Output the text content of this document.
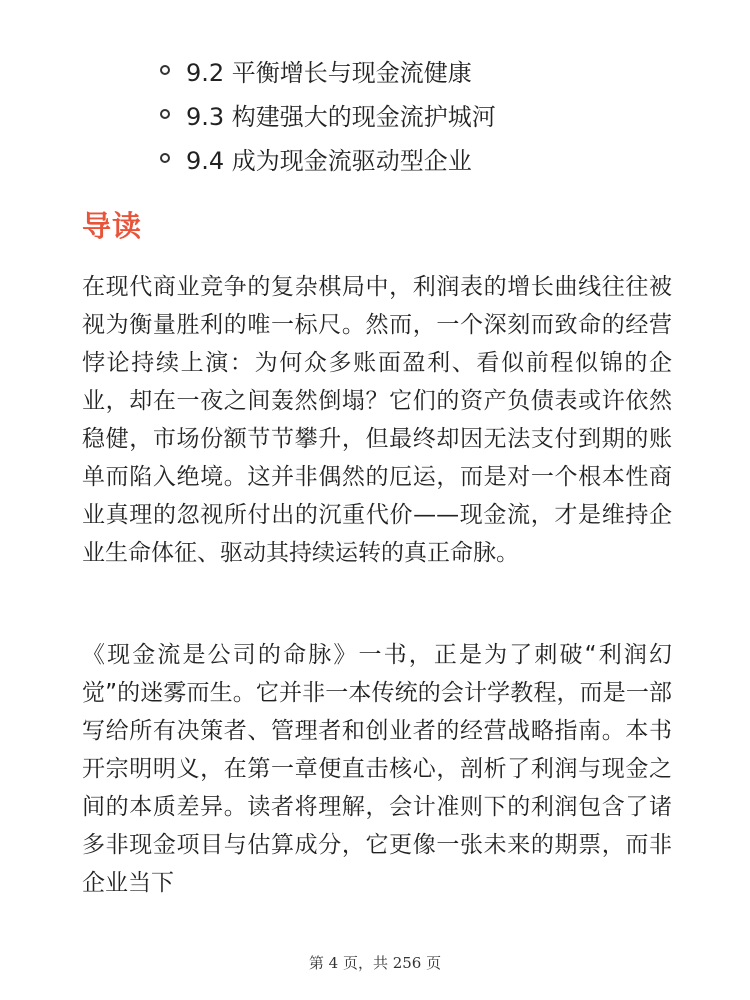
9.2 平衡增长与现金流健康
9.3 构建强大的现金流护城河
9.4 成为现金流驱动型企业
导读

在现代商业竞争的复杂棋局中，利润表的增长曲线往往被视为衡量胜利的唯一标尺。然而，一个深刻而致命的经营悖论持续上演：为何众多账面盈利、看似前程似锦的企业，却在一夜之间轰然倒塌？它们的资产负债表或许依然稳健，市场份额节节攀升，但最终却因无法支付到期的账单而陷入绝境。这并非偶然的厄运，而是对一个根本性商业真理的忽视所付出的沉重代价——现金流，才是维持企业生命体征、驱动其持续运转的真正命脉。

《现金流是公司的命脉》一书，正是为了刺破“利润幻觉”的迷雾而生。它并非一本传统的会计学教程，而是一部写给所有决策者、管理者和创业者的经营战略指南。本书开宗明明义，在第一章便直击核心，剖析了利润与现金之间的本质差异。读者将理解，会计准则下的利润包含了诸多非现金项目与估算成分，它更像一张未来的期票，而非企业当下

第 4 页，共 256 页
